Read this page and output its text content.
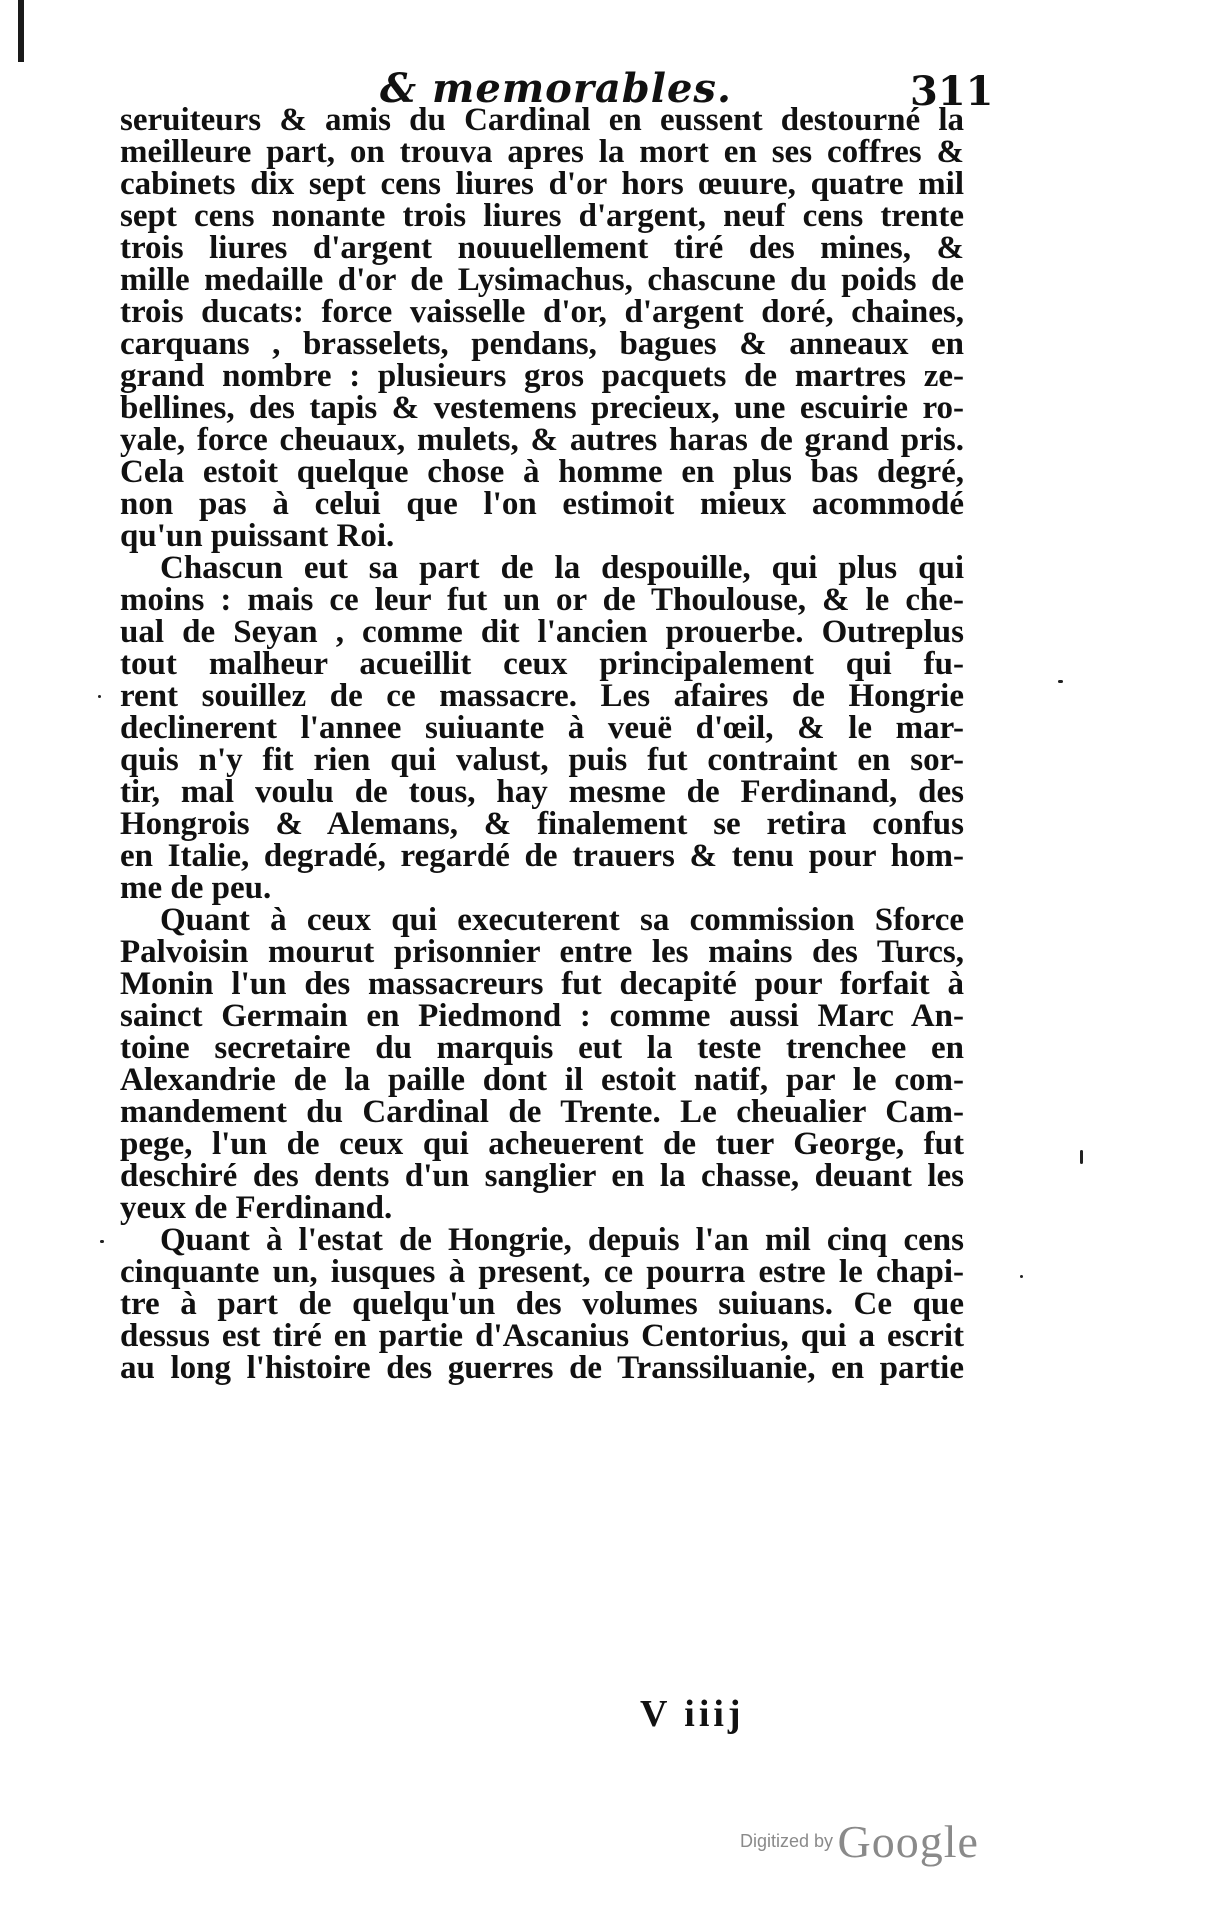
& memorables.	311
seruiteurs & amis du Cardinal en eussent destourné la
meilleure part, on trouva apres la mort en ses coffres &
cabinets dix sept cens liures d'or hors œuure, quatre mil
sept cens nonante trois liures d'argent, neuf cens trente
trois liures d'argent nouuellement tiré des mines, &
mille medaille d'or de Lysimachus, chascune du poids de
trois ducats: force vaisselle d'or, d'argent doré, chaines,
carquans , brasselets, pendans, bagues & anneaux en
grand nombre : plusieurs gros pacquets de martres ze-
bellines, des tapis & vestemens precieux, une escuirie ro-
yale, force cheuaux, mulets, & autres haras de grand pris.
Cela estoit quelque chose à homme en plus bas degré,
non pas à celui que l'on estimoit mieux acommodé
qu'un puissant Roi.
Chascun eut sa part de la despouille, qui plus qui
moins : mais ce leur fut un or de Thoulouse, & le che-
ual de Seyan , comme dit l'ancien prouerbe. Outreplus
tout malheur acueillit ceux principalement qui fu-
rent souillez de ce massacre. Les afaires de Hongrie
declinerent l'annee suiuante à veuë d'œil, & le mar-
quis n'y fit rien qui valust, puis fut contraint en sor-
tir, mal voulu de tous, hay mesme de Ferdinand, des
Hongrois & Alemans, & finalement se retira confus
en Italie, degradé, regardé de trauers & tenu pour hom-
me de peu.
Quant à ceux qui executerent sa commission Sforce
Palvoisin mourut prisonnier entre les mains des Turcs,
Monin l'un des massacreurs fut decapité pour forfait à
sainct Germain en Piedmond : comme aussi Marc An-
toine secretaire du marquis eut la teste trenchee en
Alexandrie de la paille dont il estoit natif, par le com-
mandement du Cardinal de Trente. Le cheualier Cam-
pege, l'un de ceux qui acheuerent de tuer George, fut
deschiré des dents d'un sanglier en la chasse, deuant les
yeux de Ferdinand.
Quant à l'estat de Hongrie, depuis l'an mil cinq cens
cinquante un, iusques à present, ce pourra estre le chapi-
tre à part de quelqu'un des volumes suiuans. Ce que
dessus est tiré en partie d'Ascanius Centorius, qui a escrit
au long l'histoire des guerres de Transsiluanie, en partie
V iiij
Digitized by Google
